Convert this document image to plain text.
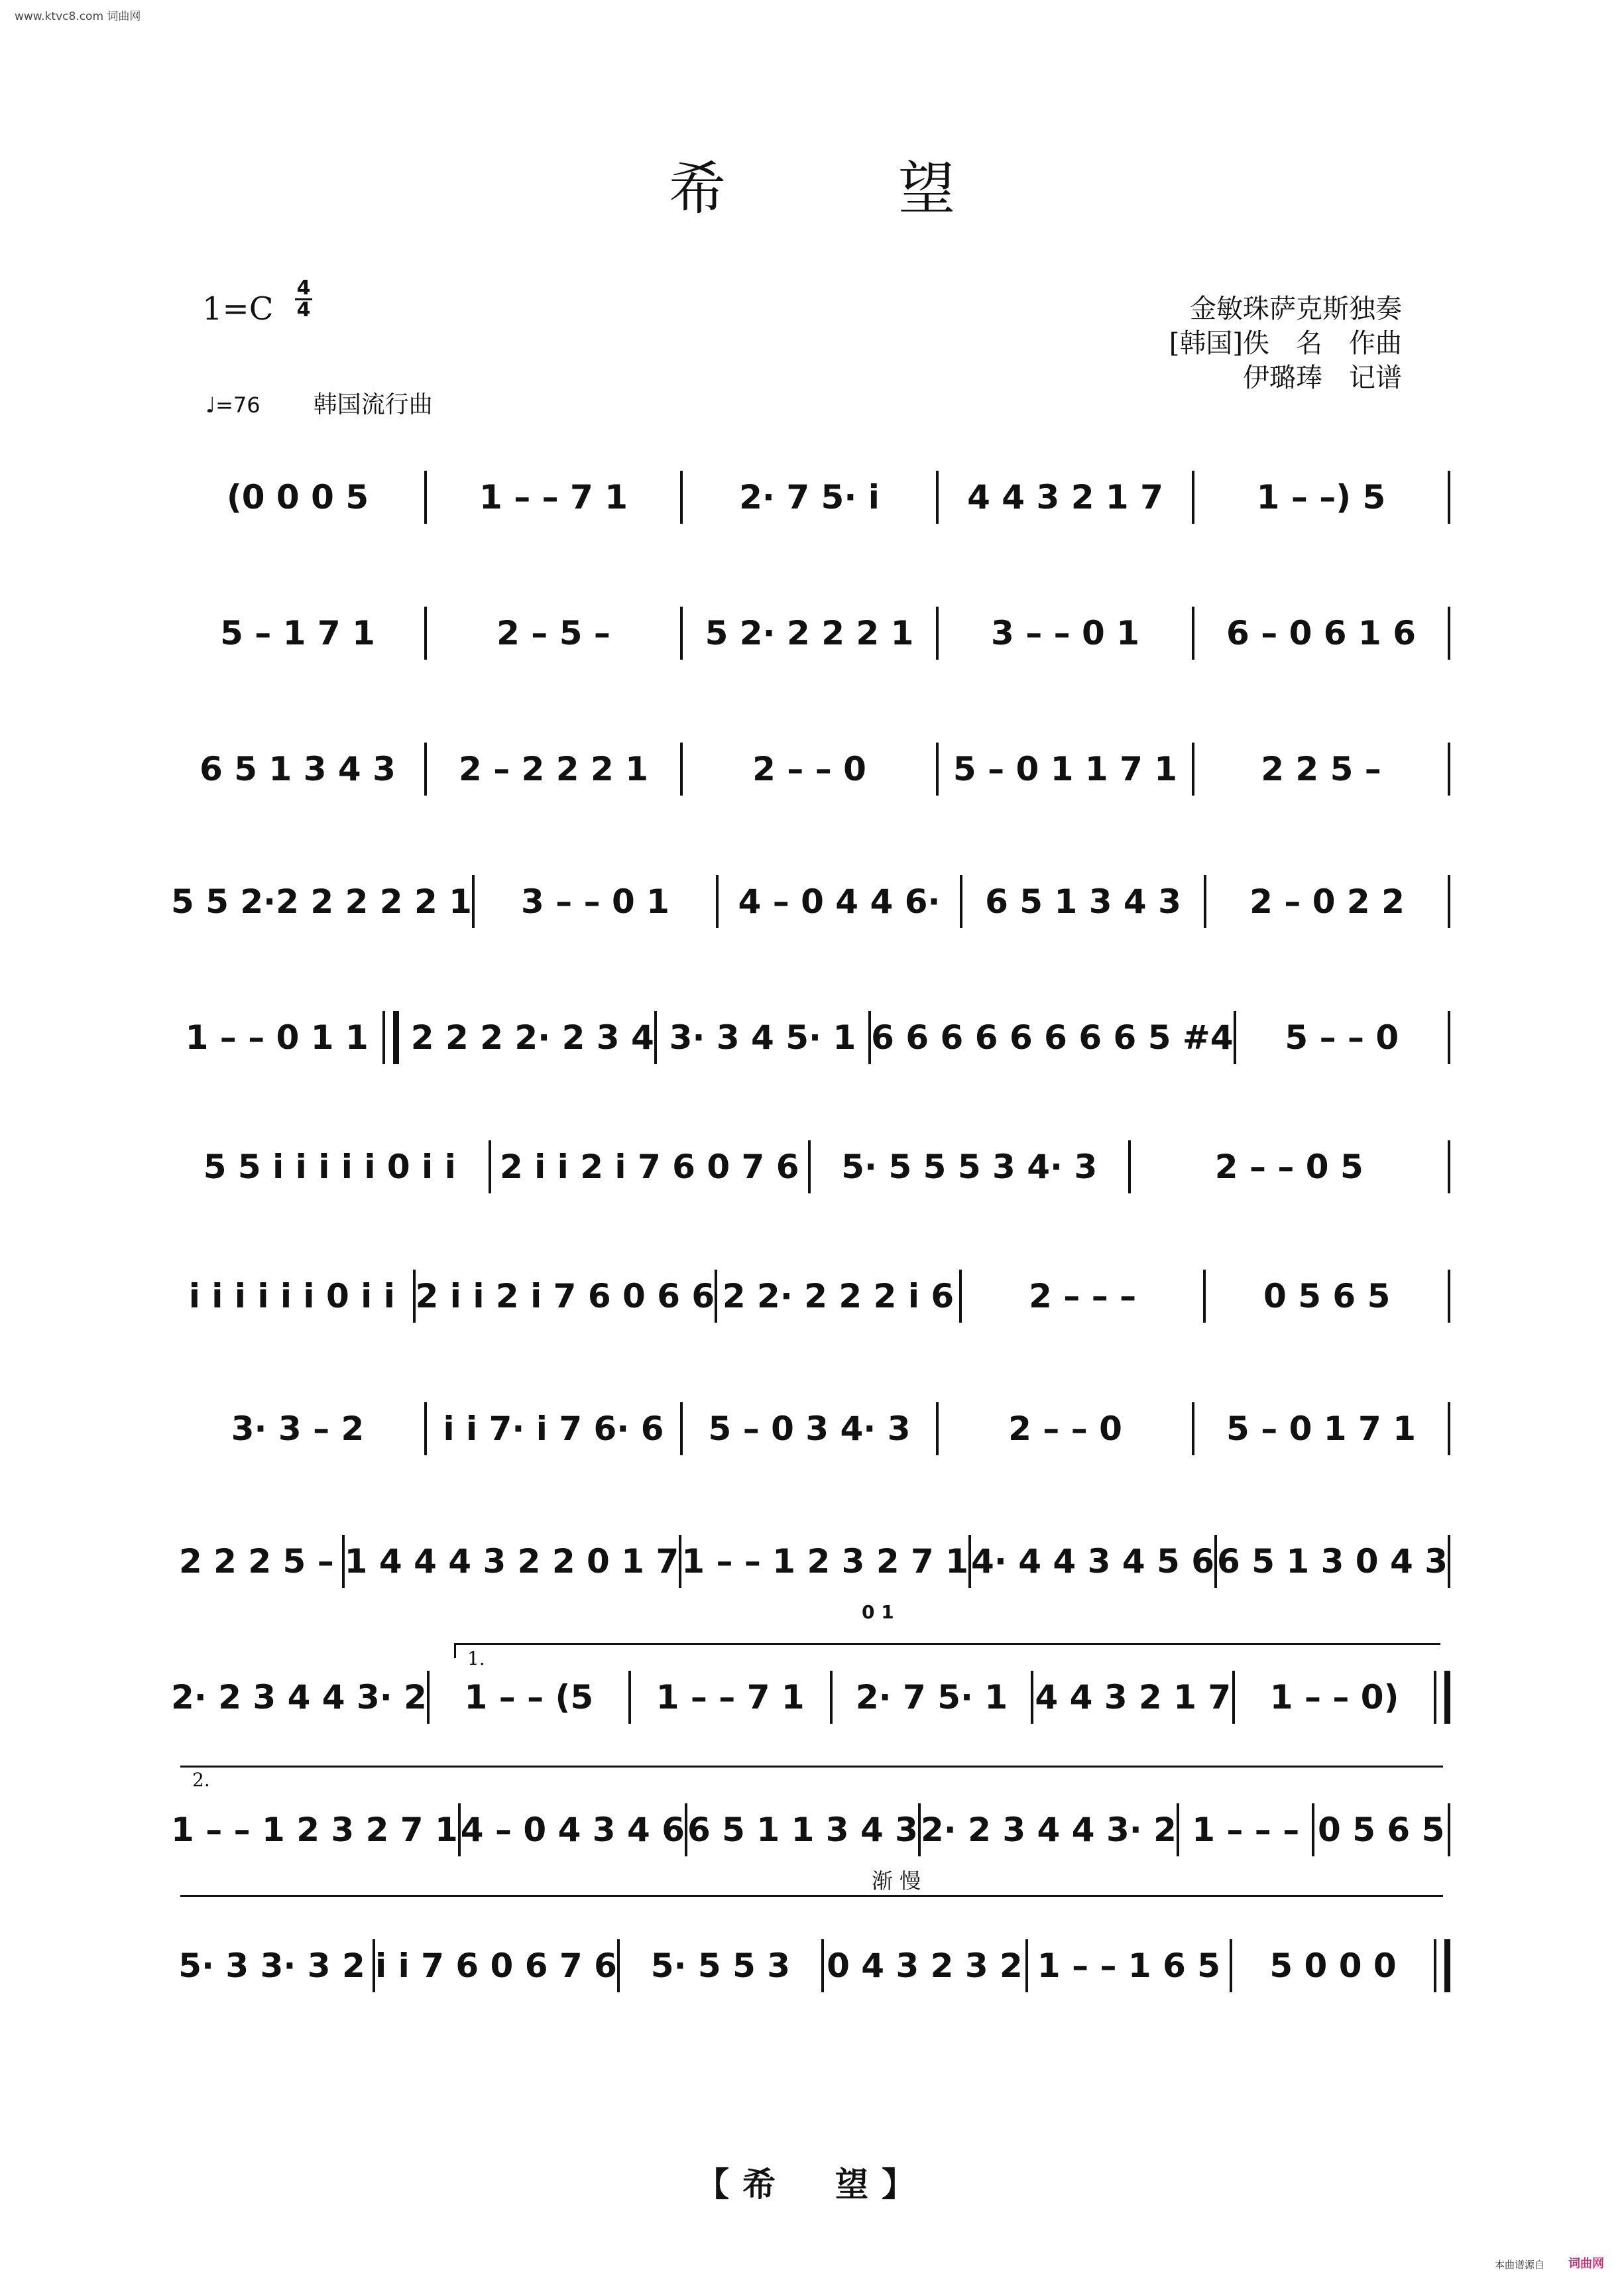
www.ktvc8.com 词曲网
希望
1=C
4
4	金敏珠萨克斯独奏
[韩国]佚　名　作曲
伊璐琫　记谱
♩=76 韩国流行曲
(0 0 0 5	1 – – 7 1	2· 7 5· i	4 4 3 2 1 7	1 – –) 5
5 – 1 7 1	2 – 5 –	5 2· 2 2 2 1	3 – – 0 1	6 – 0 6 1 6
6 5 1 3 4 3	2 – 2 2 2 1	2 – – 0	5 – 0 1 1 7 1	2 2 5 –
5 5 2·2 2 2 2 2 1	3 – – 0 1	4 – 0 4 4 6·	6 5 1 3 4 3	2 – 0 2 2
1 – – 0 1 1 2 2 2 2· 2 3 4 3· 3 4 5· 1 6 6 6 6 6 6 6 6 5 #4	5 – – 0
5 5 i i i i i 0 i i	2 i i 2 i 7 6 0 7 6	5· 5 5 5 3 4· 3	2 – – 0 5
i i i i i i 0 i i 2 i i 2 i 7 6 0 6 6 2 2· 2 2 2 i 6	2 – – –	0 5 6 5
3· 3 – 2	i i 7· i 7 6· 6	5 – 0 3 4· 3	2 – – 0	5 – 0 1 7 1
2 2 2 5 – 1 4 4 4 3 2 2 0 1 7 1 – – 1 2 3 2 7 1 4· 4 4 3 4 5 6 6 5 1 3 0 4 3
2· 2 3 4 4 3· 2	1 – – (5	1 – – 7 1	2· 7 5· 1 4 4 3 2 1 7	1 – – 0)
1 – – 1 2 3 2 7 1 4 – 0 4 3 4 6 6 5 1 1 3 4 3 2· 2 3 4 4 3· 2 1 – – – 0 5 6 5
5· 3 3· 3 2 i i 7 6 0 6 7 6	5· 5 5 3	0 4 3 2 3 2 1 – – 1 6 5	5 0 0 0
1.
2.
0 1
渐 慢
【希　望】
本曲谱源自 词曲网
